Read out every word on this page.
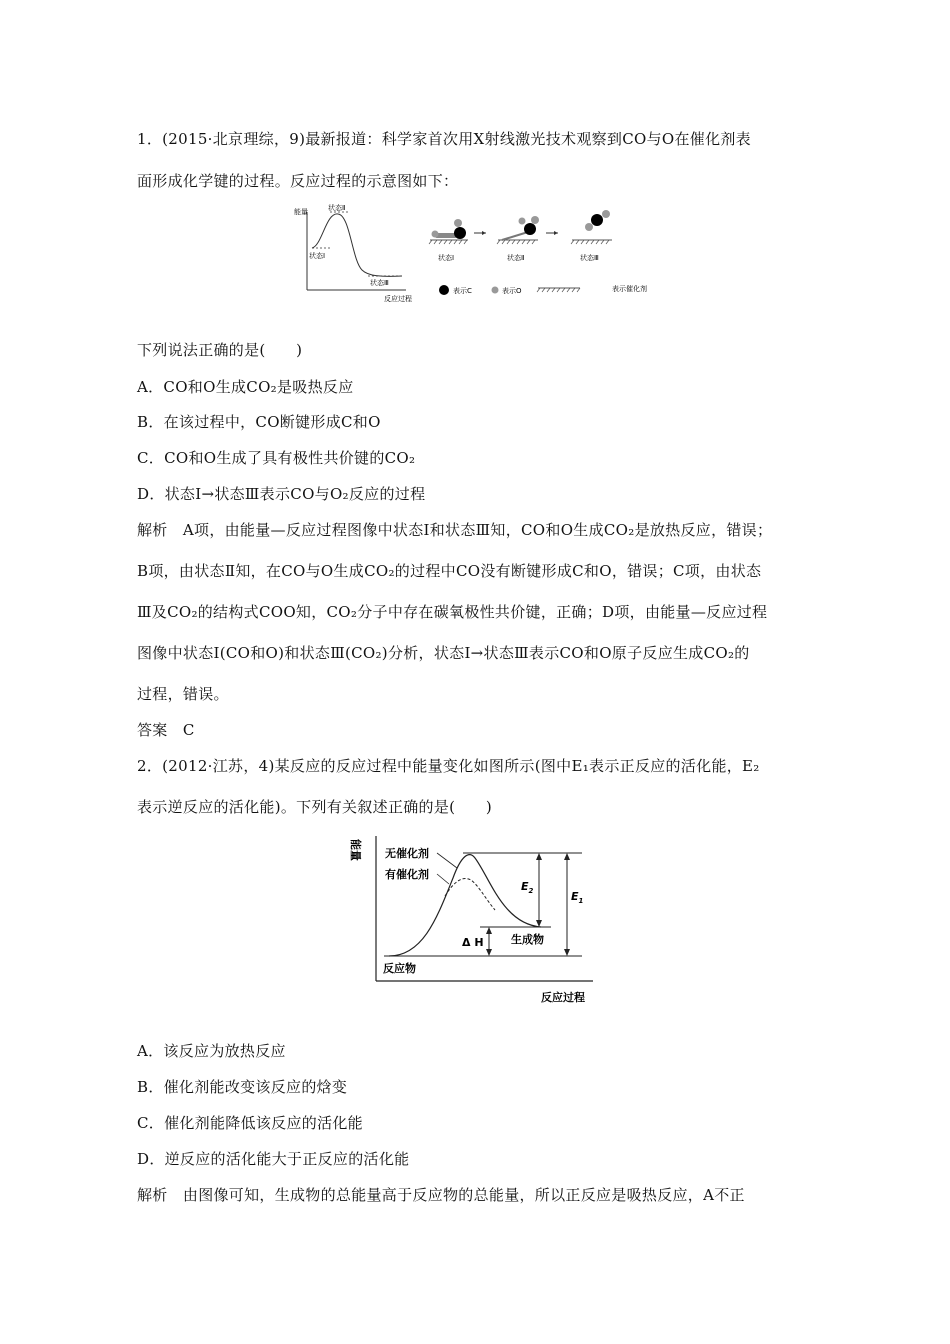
1．(2015·北京理综，9)最新报道：科学家首次用X射线激光技术观察到CO与O在催化剂表
面形成化学键的过程。反应过程的示意图如下：
能量
反应过程
状态Ⅱ
状态Ⅰ
状态Ⅲ
状态Ⅰ	状态Ⅱ	状态Ⅲ
表示C	表示O	表示催化剂
下列说法正确的是(　　)
A．CO和O生成CO₂是吸热反应
B．在该过程中，CO断键形成C和O
C．CO和O生成了具有极性共价键的CO₂
D．状态Ⅰ→状态Ⅲ表示CO与O₂反应的过程
解析　A项，由能量—反应过程图像中状态Ⅰ和状态Ⅲ知，CO和O生成CO₂是放热反应，错误；
B项，由状态Ⅱ知，在CO与O生成CO₂的过程中CO没有断键形成C和O，错误；C项，由状态
Ⅲ及CO₂的结构式COO知，CO₂分子中存在碳氧极性共价键，正确；D项，由能量—反应过程
图像中状态Ⅰ(CO和O)和状态Ⅲ(CO₂)分析，状态Ⅰ→状态Ⅲ表示CO和O原子反应生成CO₂的
过程，错误。
答案　C
2．(2012·江苏，4)某反应的反应过程中能量变化如图所示(图中E₁表示正反应的活化能，E₂
表示逆反应的活化能)。下列有关叙述正确的是(　　)
能量
反应过程
无催化剂
有催化剂
$E_2$	$E_1$
Δ H 生成物
反应物
A．该反应为放热反应
B．催化剂能改变该反应的焓变
C．催化剂能降低该反应的活化能
D．逆反应的活化能大于正反应的活化能
解析　由图像可知，生成物的总能量高于反应物的总能量，所以正反应是吸热反应，A不正
